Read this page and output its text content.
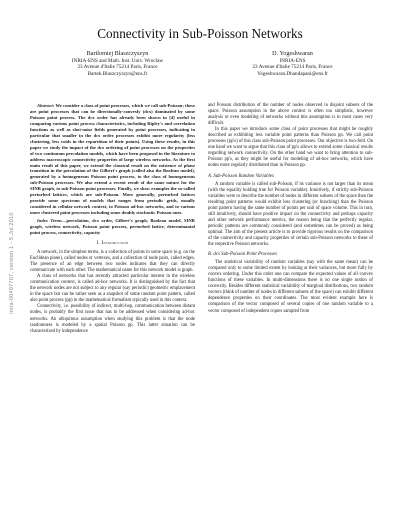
inria-00497707, version 1 - 5 Jul 2010
Connectivity in Sub-Poisson Networks
Bartlomiej Blaszczyszyn
INRIA-ENS and Math. Inst. Univ. Wroclaw
23 Avenue d'Italie 75214 Paris, France
Bartek.Blaszczyszyn@ens.fr
D. Yogeshwaran
INRIA-ENS
23 Avenue d'Italie 75214 Paris, France
Yogeshwaran.Dhandapani@ens.fr

Abstract: We consider a class of point processes, which we call sub-Poisson; these are point processes that can be directionally-convexly (dcx) dominated by some Poisson point process. The dcx order has already been shown in [4] useful in comparing various point process characteristics, including Ripley's and correlation functions as well as shot-noise fields generated by point processes, indicating in particular that smaller in the dcx order processes exhibit more regularity (less clustering, less voids in the repartition of their points). Using these results, in this paper we study the impact of the dcx ordering of point processes on the properties of two continuum percolation models, which have been proposed in the literature to address macroscopic connectivity properties of large wireless networks. As the first main result of this paper, we extend the classical result on the existence of phase transition in the percolation of the Gilbert's graph (called also the Boolean model), generated by a homogeneous Poisson point process, to the class of homogeneous sub-Poisson processes. We also extend a recent result of the same nature for the SINR graph, to sub-Poisson point processes. Finally, we show examples the so-called perturbed lattices, which are sub-Poisson. More generally, perturbed lattices provide some spectrum of models that ranges from periodic grids, usually considered in cellular network context, to Poisson ad-hoc networks, and to various more clustered point processes including some doubly stochastic Poisson ones.

Index Terms—percolation, dcx order, Gilbert's graph, Boolean model, SINR graph, wireless network, Poisson point process, perturbed lattice, determinantal point process, connectivity, capacity

I. Introduction

A network, in the simplest terms, is a collection of points in some space (e.g. on the Euclidean plane), called nodes or vertexes, and a collection of node pairs, called edges. The presence of an edge between two nodes indicates that they can directly communicate with each other. The mathematical name for this network model is graph.

A class of networks that has recently attracted particular interest in the wireless communication context, is called ad-hoc networks. It is distinguished by the fact that the network nodes are not subject to any regular (say periodic) geometric emplacement in the space but can be rather seen as a snapshot of some random point pattern, called also point process (pp) in the mathematical formalism typically used in this context.

Connectivity, i.e. possibility of indirect, multi-hop, communication between distant nodes, is probably the first issue that has to be addressed when considering ad-hoc networks. An ubiquitous assumption when studying this problem is that the node randomness is modeled by a spatial Poisson pp. This latter situation can be characterized by independence

and Poisson distribution of the number of nodes observed in disjoint subsets of the space. Poisson assumption in the above context is often too simplistic, however analysis or even modeling of networks without this assumption is in most cases very difficult.

In this paper we introduce some class of point processes that might be roughly described as exhibiting less variable point patterns than Poisson pp. We call point processes (pp's) of this class sub-Poisson point processes. Our objective is two-fold. On one hand we want to argue that this class of pp's allows to extend some classical results regarding network connectivity. On the other hand we want to bring attention to sub-Poisson pp's, as they might be useful for modeling of ad-hoc networks, which have nodes more regularly distributed than in Poisson pp.

A. Sub-Poisson Random Variables

A random variable is called sub-Poisson, if its variance is not larger than its mean (with the equality holding true for Poisson variable). Intuitively, if strictly sub-Poisson variables were to describe the number of nodes in different subsets of the space then the resulting point patterns would exhibit less clustering (or bunching) than the Poisson point pattern having the same number of points per unit of space volume. This in turn, still intuitively, should have positive impact on the connectivity and perhaps capacity and other network performance metrics, the reason being that the perfectly regular, periodic patterns are commonly considered (and sometimes can be proved) as being optimal. The aim of the present article is to provide rigorous results on the comparison of the connectivity and capacity properties of certain sub-Poisson networks to these of the respective Poisson networks.

B. dcx Sub-Poisson Point Processes

The statistical variability of random variables (say with the same mean) can be compared only to some limited extent by looking at their variances, but more fully by convex ordering. Under this order one can compare the expected values of all convex functions of these variables. In multi-dimensions there is no one single notion of convexity. Besides different statistical variability of marginal distributions, two random vectors (think of number of nodes in different subsets of the space) can exhibit different dependence properties on their coordinates. The most evident example here is comparison of the vector composed of several copies of one random variable to a vector composed of independent copies sampled from
